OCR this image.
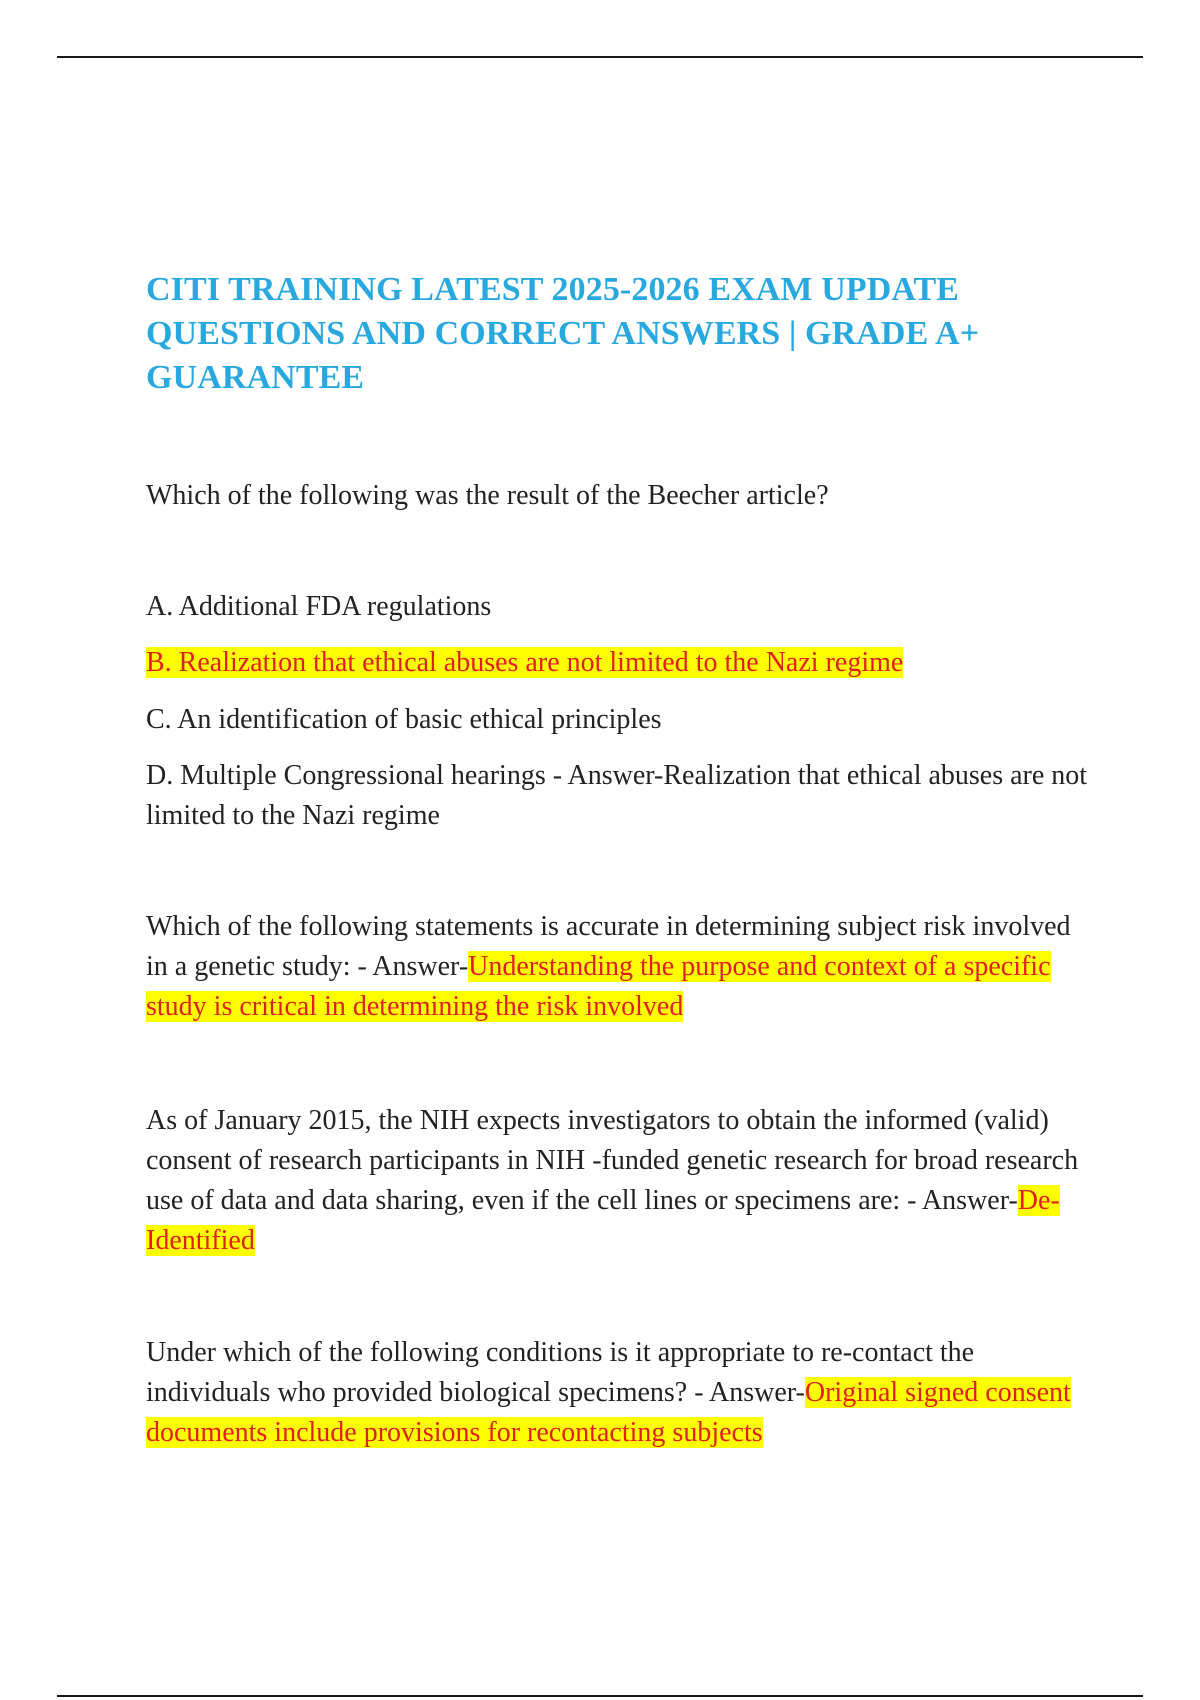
CITI TRAINING LATEST 2025-2026 EXAM UPDATE QUESTIONS AND CORRECT ANSWERS | GRADE A+ GUARANTEE

Which of the following was the result of the Beecher article?

A. Additional FDA regulations

B. Realization that ethical abuses are not limited to the Nazi regime

C. An identification of basic ethical principles

D. Multiple Congressional hearings - Answer-Realization that ethical abuses are not limited to the Nazi regime

Which of the following statements is accurate in determining subject risk involved in a genetic study: - Answer-Understanding the purpose and context of a specific study is critical in determining the risk involved

As of January 2015, the NIH expects investigators to obtain the informed (valid) consent of research participants in NIH -funded genetic research for broad research use of data and data sharing, even if the cell lines or specimens are: - Answer-De-Identified

Under which of the following conditions is it appropriate to re-contact the individuals who provided biological specimens? - Answer-Original signed consent documents include provisions for recontacting subjects
